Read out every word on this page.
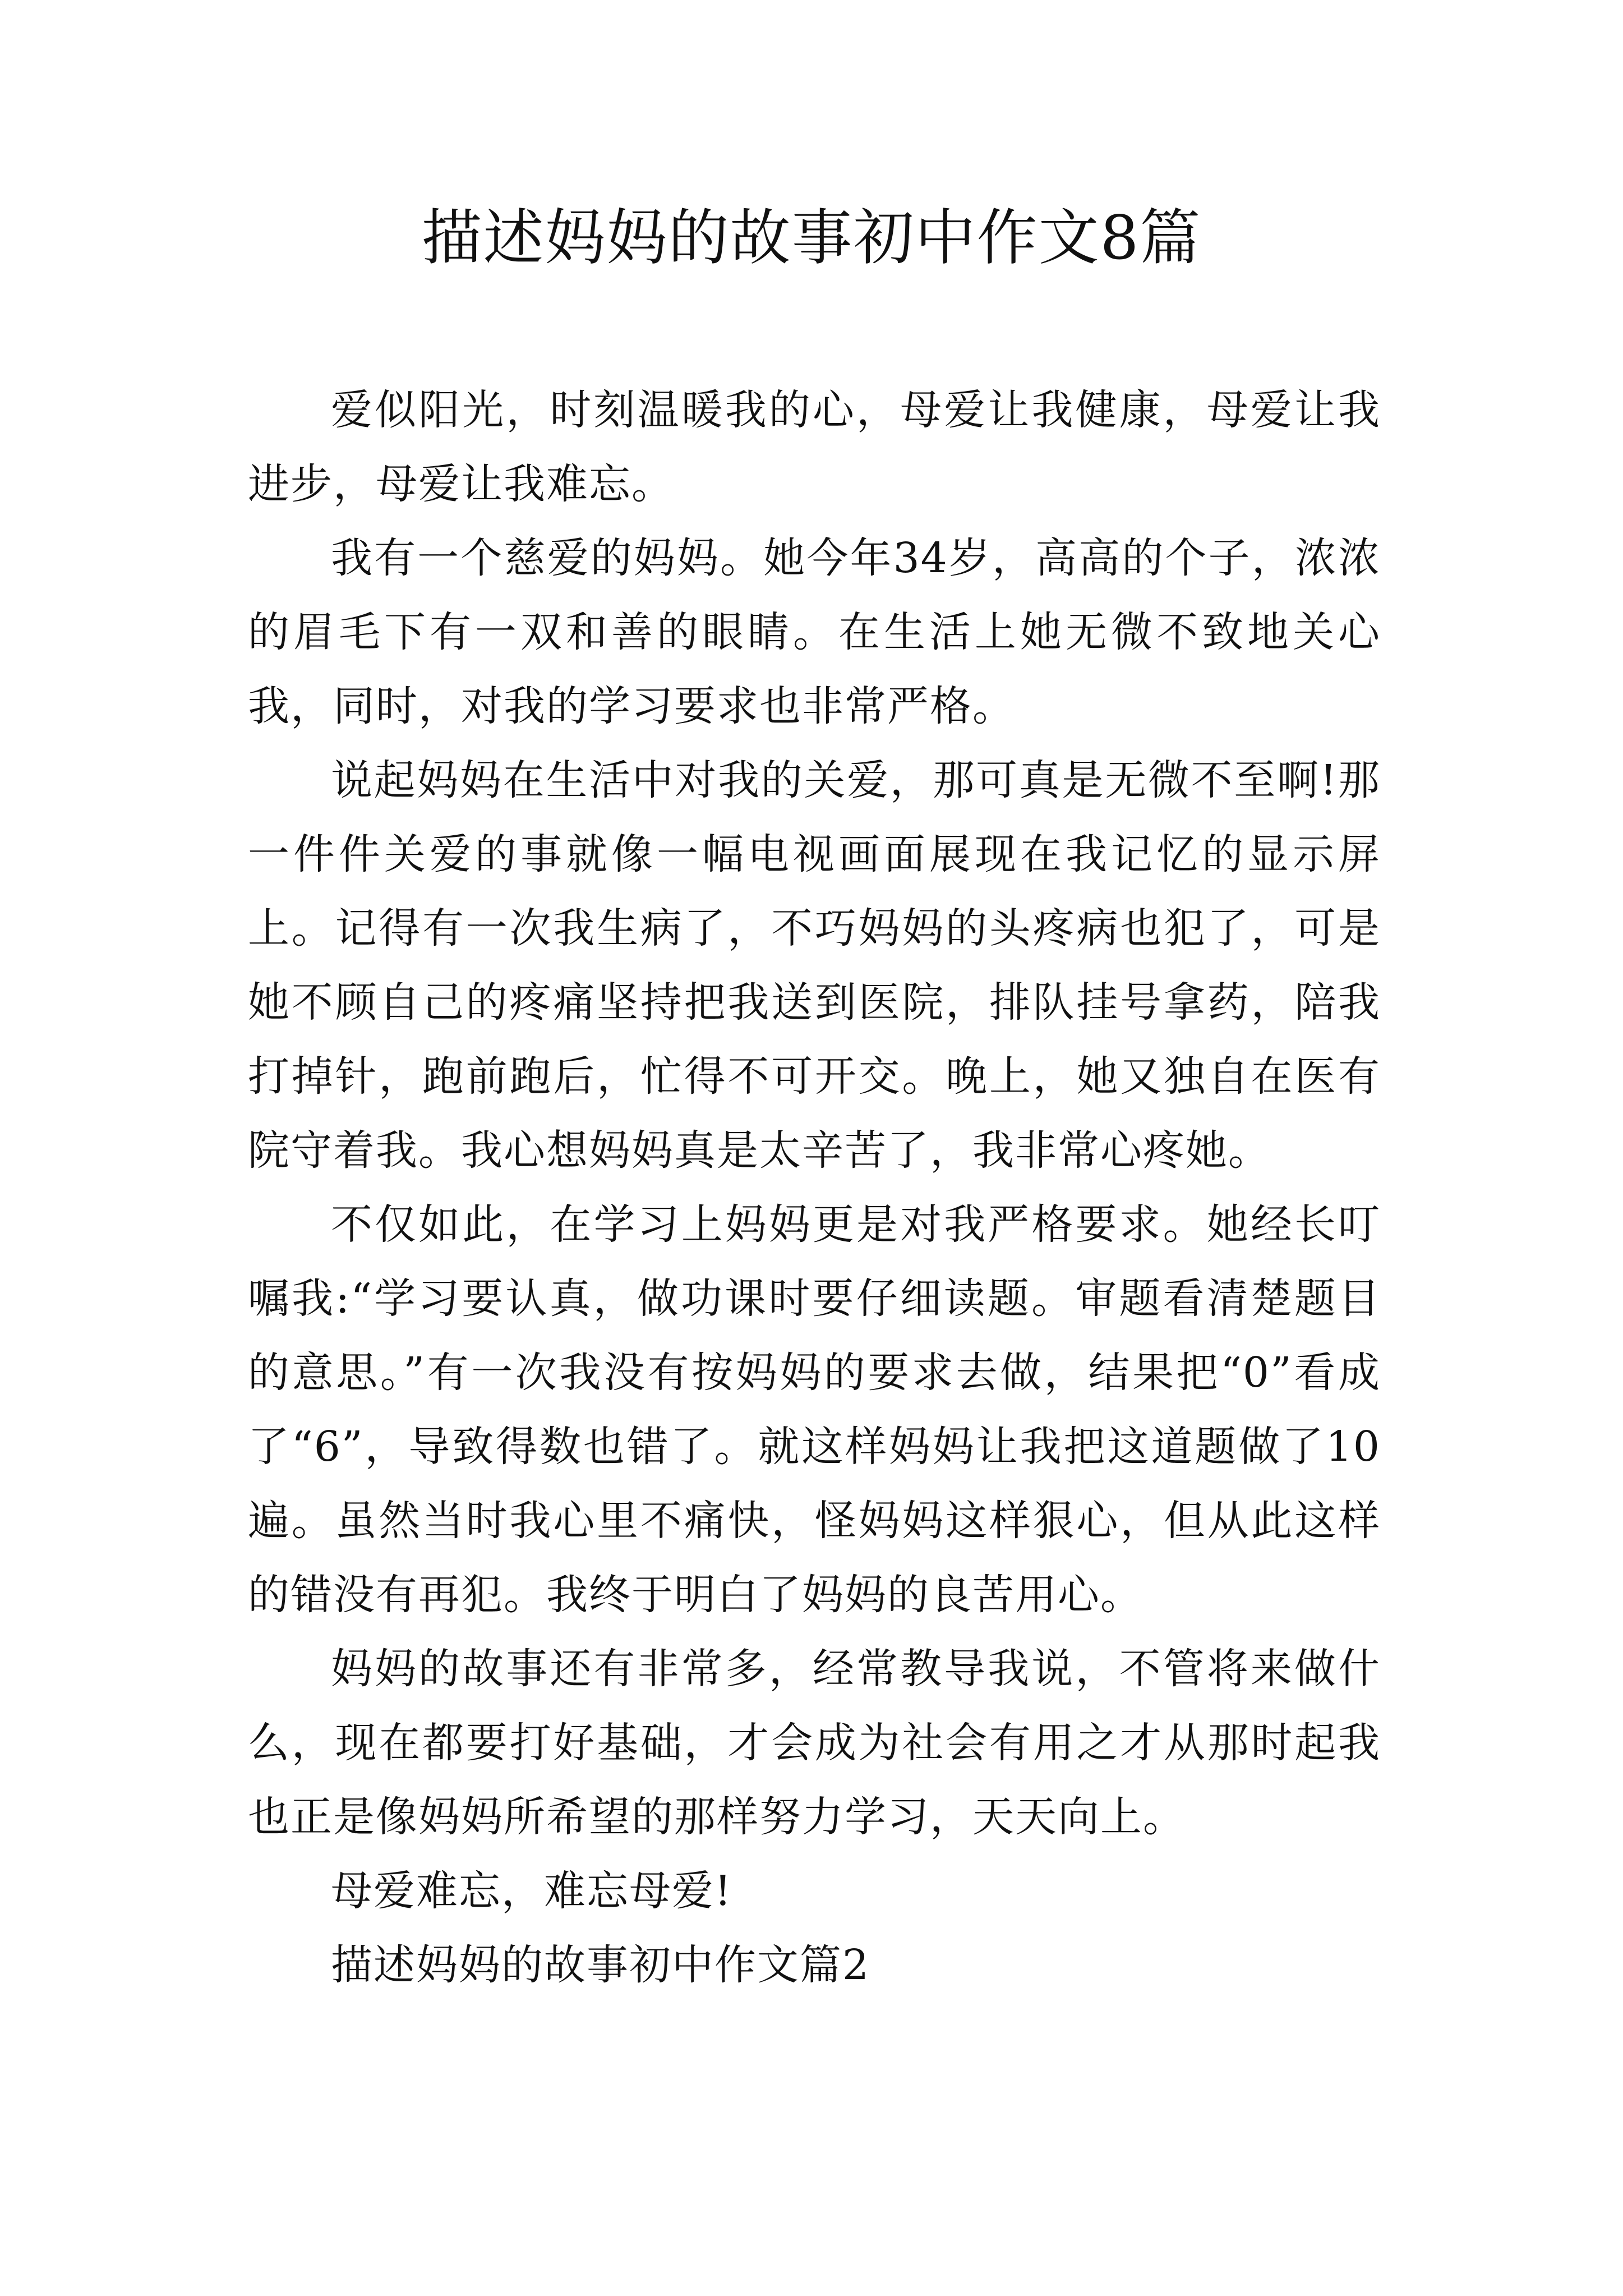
描述妈妈的故事初中作文8篇

爱似阳光，时刻温暖我的心，母爱让我健康，母爱让我进步，母爱让我难忘。

我有一个慈爱的妈妈。她今年34岁，高高的个子，浓浓的眉毛下有一双和善的眼睛。在生活上她无微不致地关心我，同时，对我的学习要求也非常严格。

说起妈妈在生活中对我的关爱，那可真是无微不至啊!那一件件关爱的事就像一幅电视画面展现在我记忆的显示屏上。记得有一次我生病了，不巧妈妈的头疼病也犯了，可是她不顾自己的疼痛坚持把我送到医院，排队挂号拿药，陪我打掉针，跑前跑后，忙得不可开交。晚上，她又独自在医有院守着我。我心想妈妈真是太辛苦了，我非常心疼她。

不仅如此，在学习上妈妈更是对我严格要求。她经长叮嘱我:“学习要认真，做功课时要仔细读题。审题看清楚题目的意思。”有一次我没有按妈妈的要求去做，结果把“0”看成了“6”，导致得数也错了。就这样妈妈让我把这道题做了10遍。虽然当时我心里不痛快，怪妈妈这样狠心，但从此这样的错没有再犯。我终于明白了妈妈的良苦用心。

妈妈的故事还有非常多，经常教导我说，不管将来做什么，现在都要打好基础，才会成为社会有用之才从那时起我也正是像妈妈所希望的那样努力学习，天天向上。

母爱难忘，难忘母爱!

描述妈妈的故事初中作文篇2
